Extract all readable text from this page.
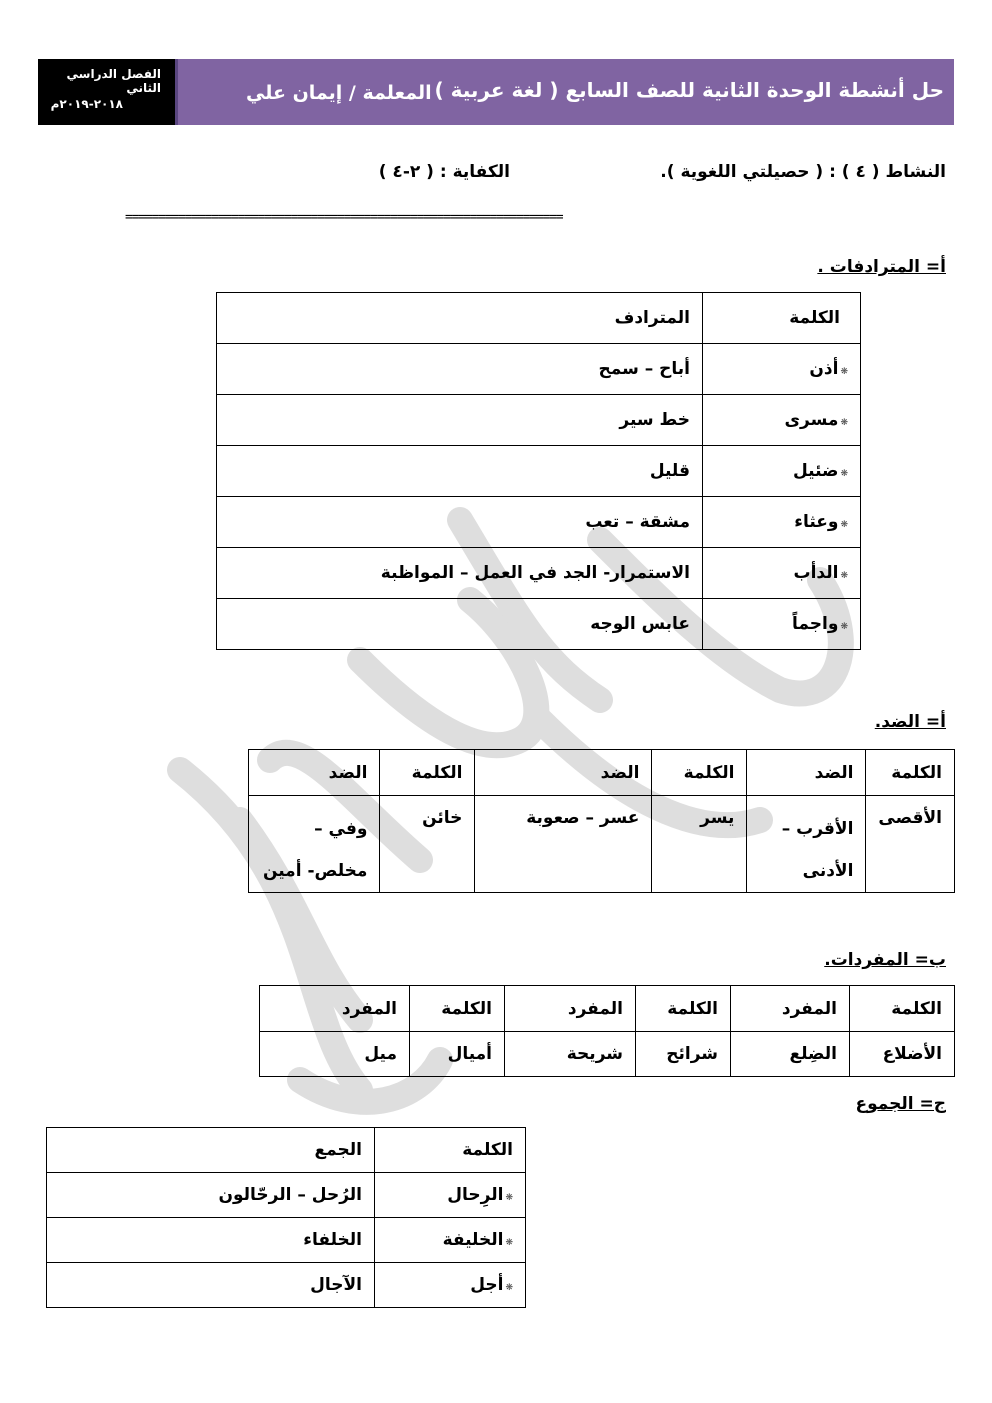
الفصل الدراسي الثاني
٢٠١٨-٢٠١٩م
حل أنشطة الوحدة الثانية للصف السابع ( لغة عربية )
المعلمة / إيمان علي
النشاط ( ٤ ) : ( حصيلتي اللغوية ).
الكفاية : ( ٢-٤ )
==================================================================
أ= المترادفات .
الكلمة	المترادف
❋أذن	أباح – سمح
❋مسرى	خط سير
❋ضئيل	قليل
❋وعثاء	مشقة – تعب
❋الدأب	الاستمرار- الجد في العمل – المواظبة
❋واجماً	عابس الوجه
أ= الضد.
الكلمة	الضد	الكلمة	الضد	الكلمة	الضد
الأقصى	الأقرب – الأدنى	يسر	عسر – صعوبة	خائن	وفي – مخلص- أمين
ب= المفردات.
الكلمة	المفرد	الكلمة	المفرد	الكلمة	المفرد
الأضلاع	الضِلع	شرائح	شريحة	أميال	ميل
ج= الجموع
الكلمة	الجمع
❋الرِحال	الرُحل – الرحّالون
❋الخليفة	الخلفاء
❋أجل	الآجال
